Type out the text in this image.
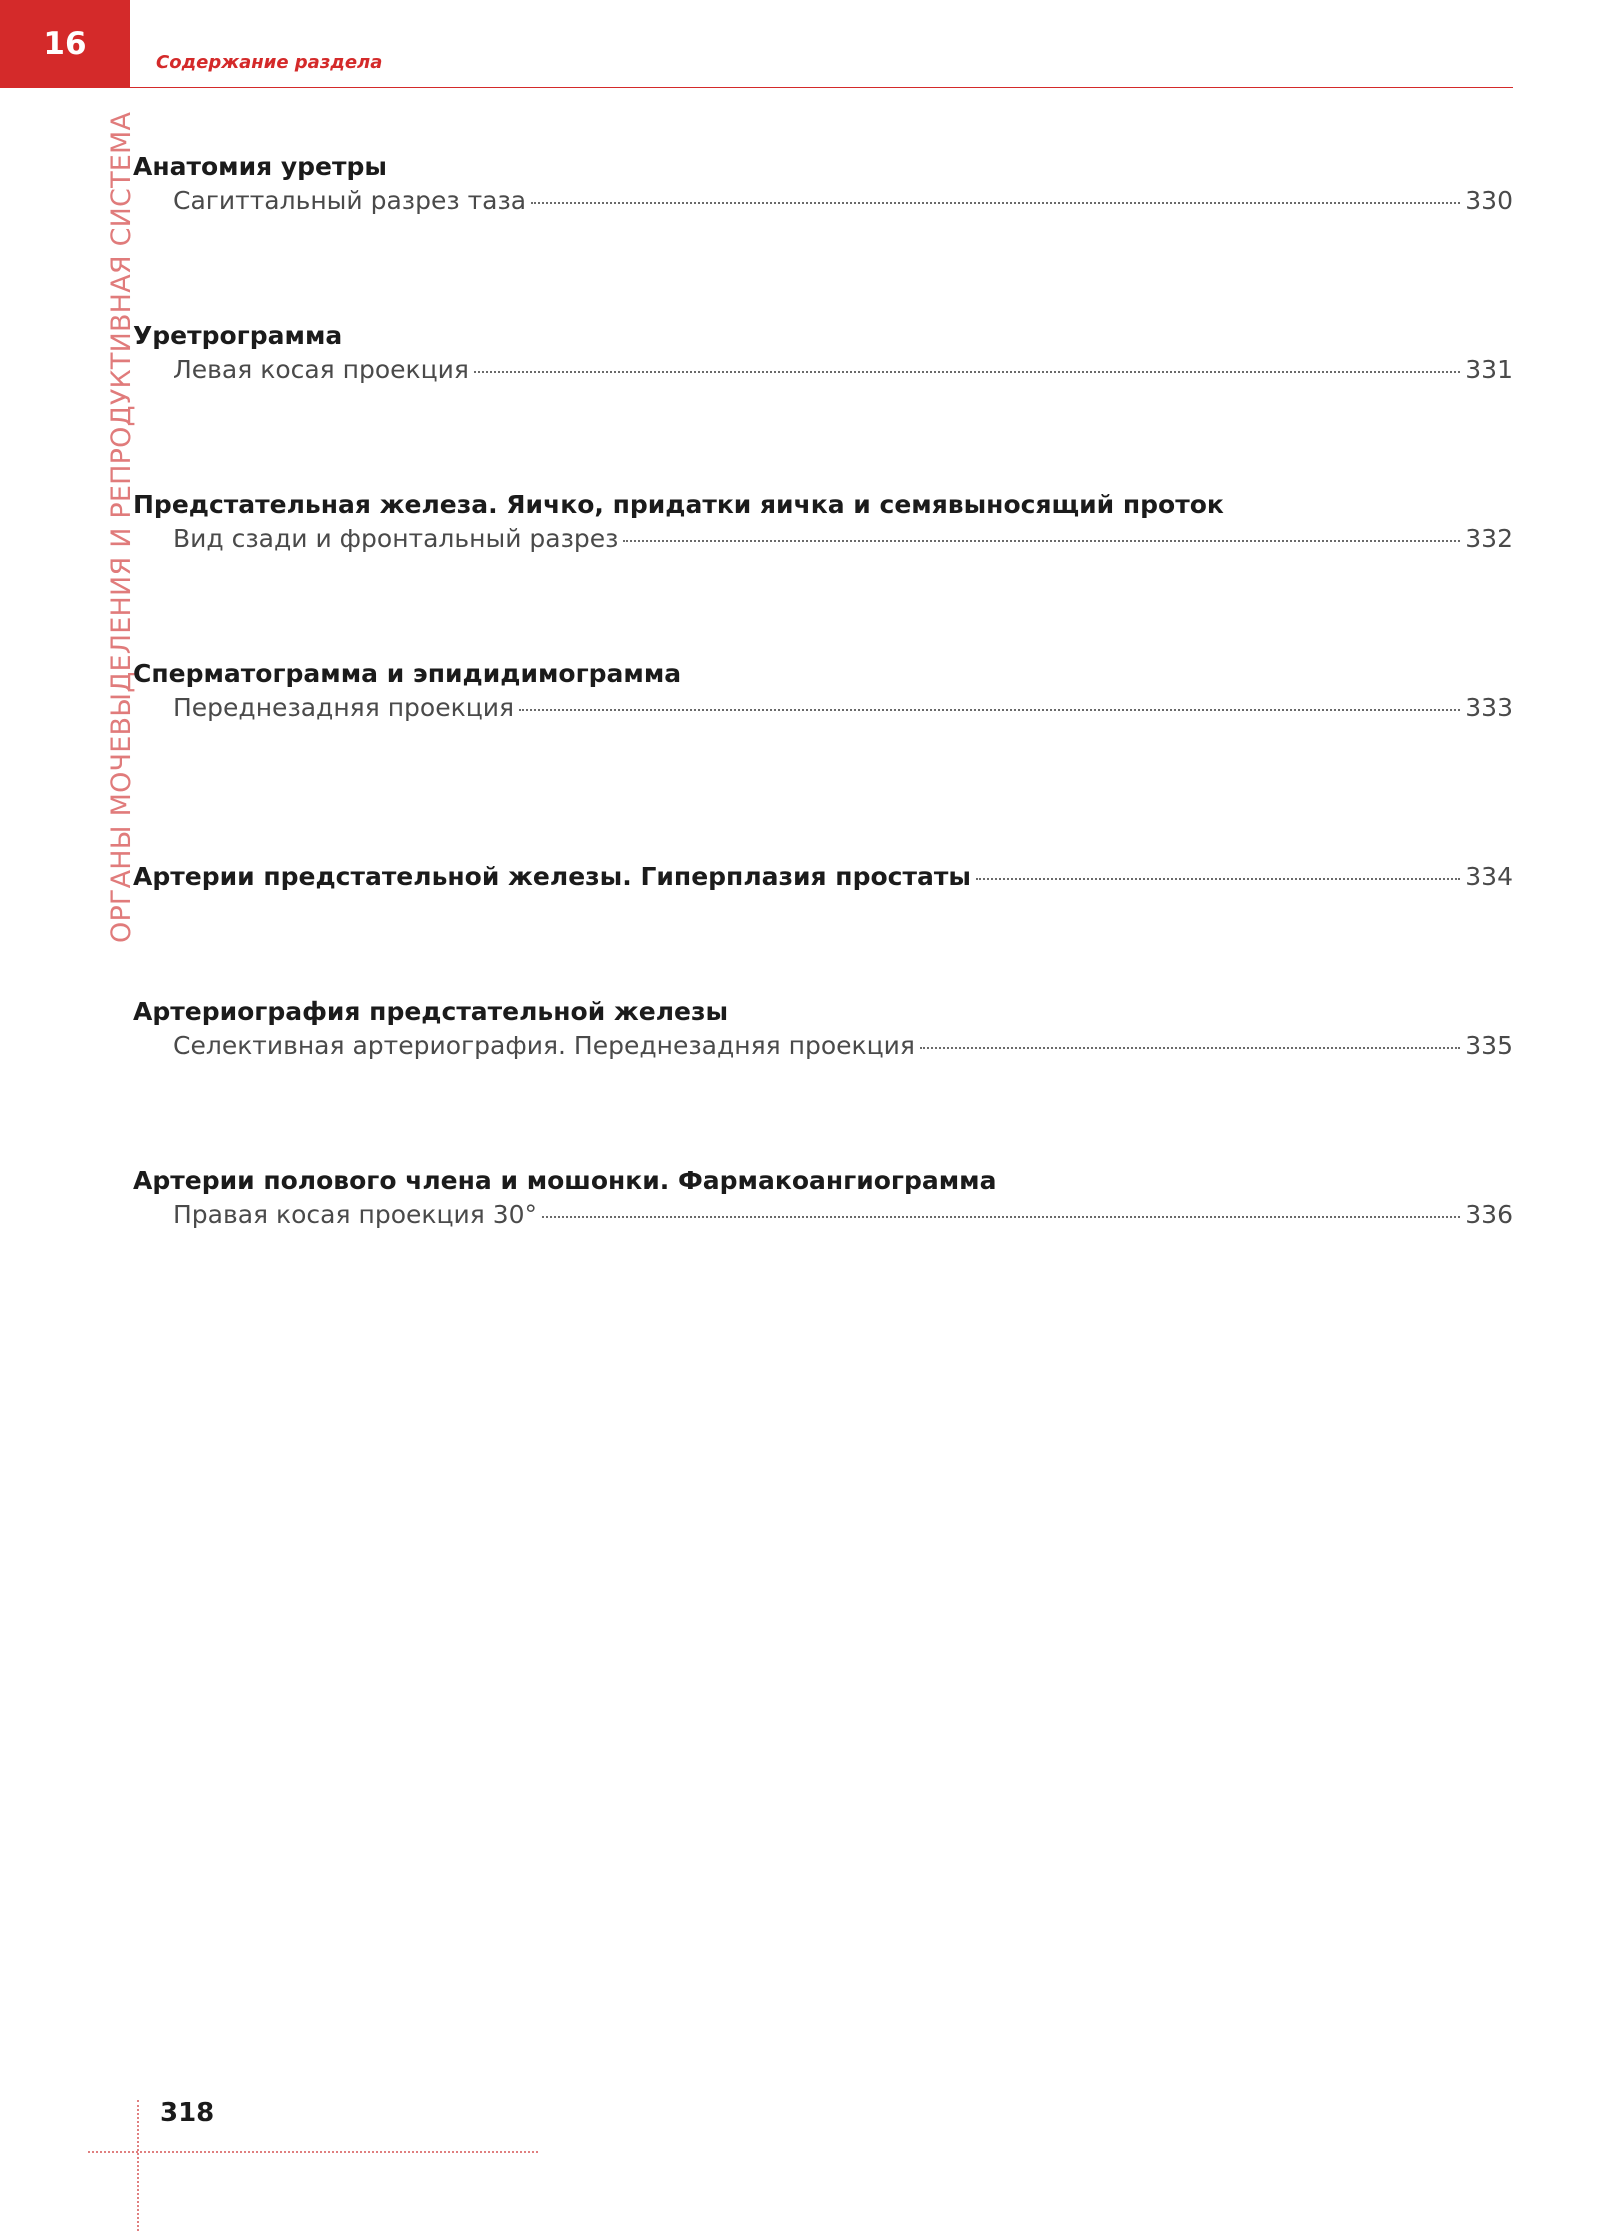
16
Содержание раздела
ОРГАНЫ МОЧЕВЫДЕЛЕНИЯ И РЕПРОДУКТИВНАЯ СИСТЕМА
Анатомия уретры
Сагиттальный разрез таза	330
Уретрограмма
Левая косая проекция	331
Предстательная железа. Яичко, придатки яичка и семявыносящий проток
Вид сзади и фронтальный разрез	332
Сперматограмма и эпидидимограмма
Переднезадняя проекция	333
Артерии предстательной железы. Гиперплазия простаты	334
Артериография предстательной железы
Селективная артериография. Переднезадняя проекция	335
Артерии полового члена и мошонки. Фармакоангиограмма
Правая косая проекция 30°	336
318
